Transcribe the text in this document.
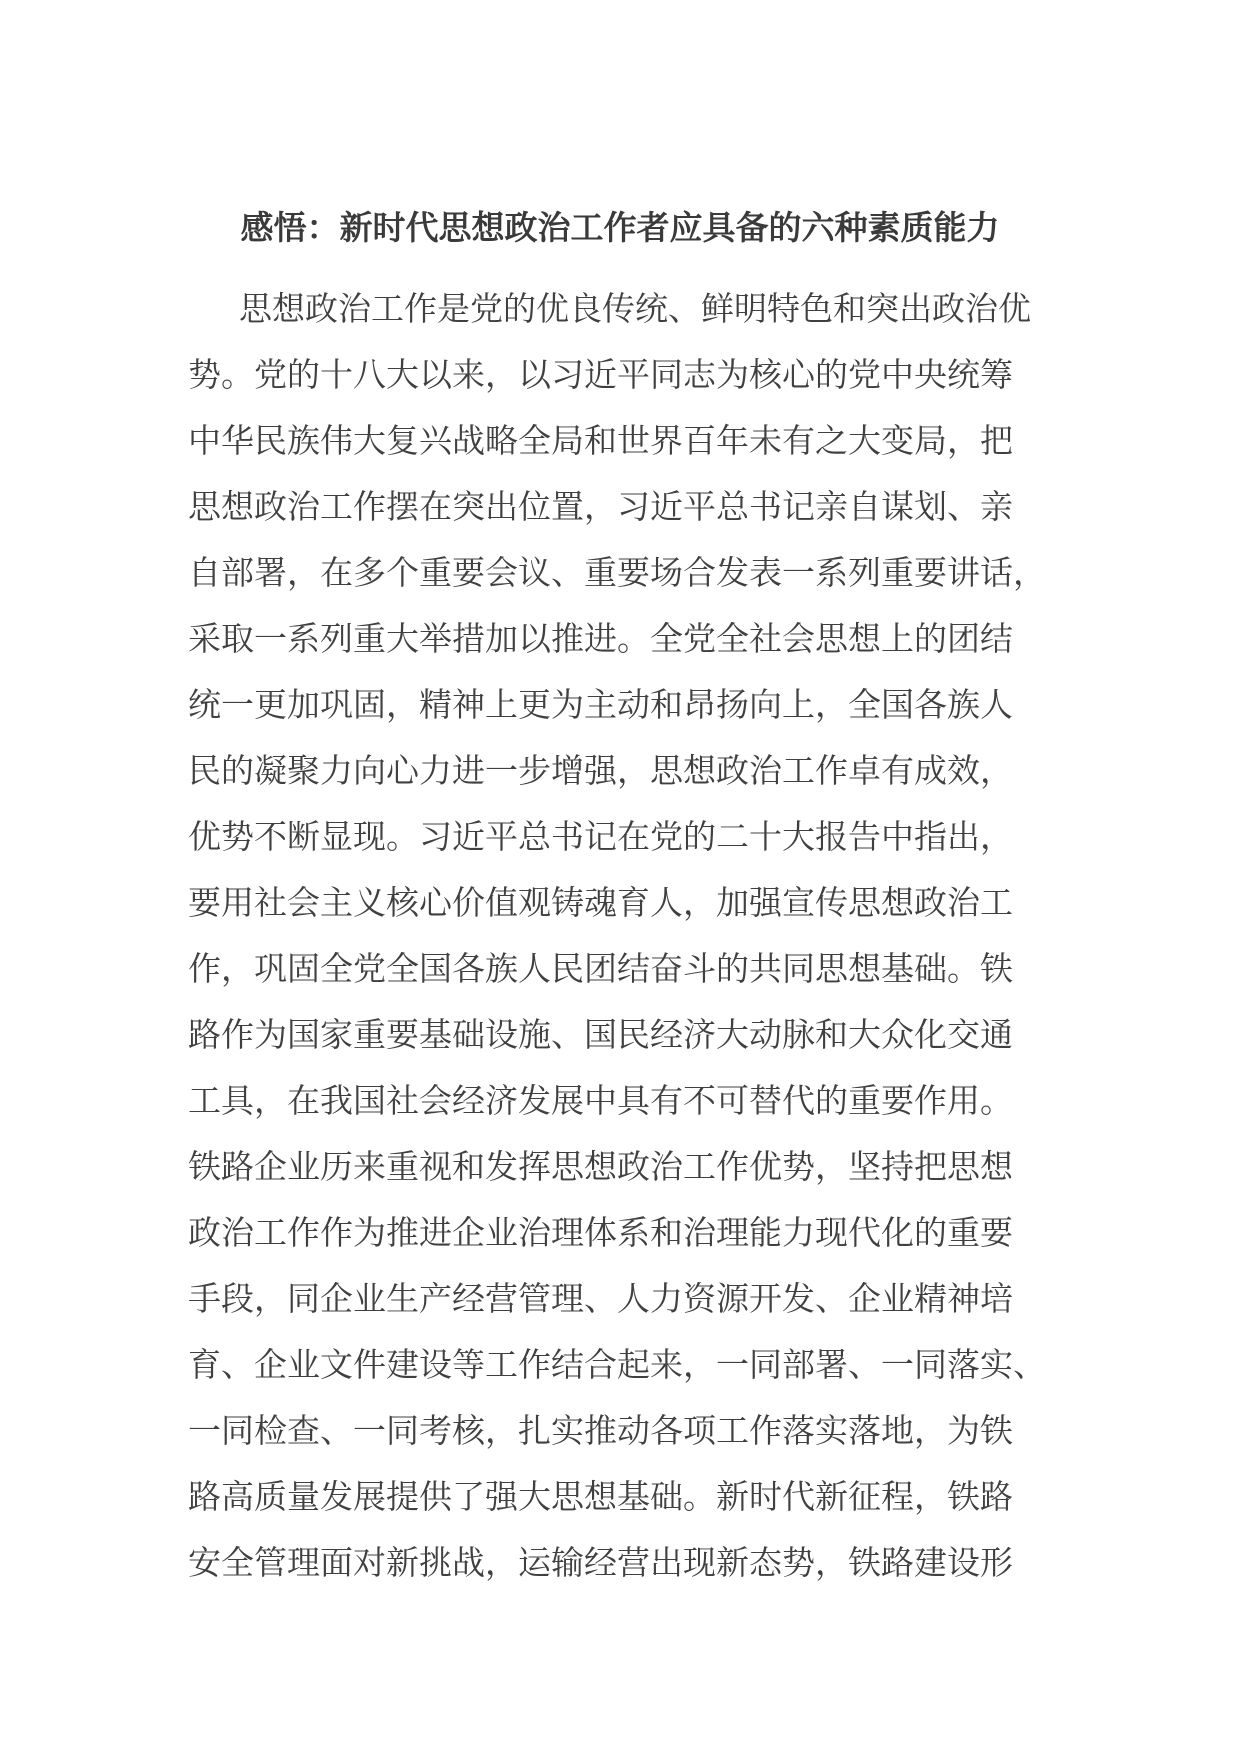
感悟：新时代思想政治工作者应具备的六种素质能力
思想政治工作是党的优良传统、鲜明特色和突出政治优
势。党的十八大以来，以习近平同志为核心的党中央统筹
中华民族伟大复兴战略全局和世界百年未有之大变局，把
思想政治工作摆在突出位置，习近平总书记亲自谋划、亲
自部署，在多个重要会议、重要场合发表一系列重要讲话，
采取一系列重大举措加以推进。全党全社会思想上的团结
统一更加巩固，精神上更为主动和昂扬向上，全国各族人
民的凝聚力向心力进一步增强，思想政治工作卓有成效，
优势不断显现。习近平总书记在党的二十大报告中指出，
要用社会主义核心价值观铸魂育人，加强宣传思想政治工
作，巩固全党全国各族人民团结奋斗的共同思想基础。铁
路作为国家重要基础设施、国民经济大动脉和大众化交通
工具，在我国社会经济发展中具有不可替代的重要作用。
铁路企业历来重视和发挥思想政治工作优势，坚持把思想
政治工作作为推进企业治理体系和治理能力现代化的重要
手段，同企业生产经营管理、人力资源开发、企业精神培
育、企业文件建设等工作结合起来，一同部署、一同落实、
一同检查、一同考核，扎实推动各项工作落实落地，为铁
路高质量发展提供了强大思想基础。新时代新征程，铁路
安全管理面对新挑战，运输经营出现新态势，铁路建设形
